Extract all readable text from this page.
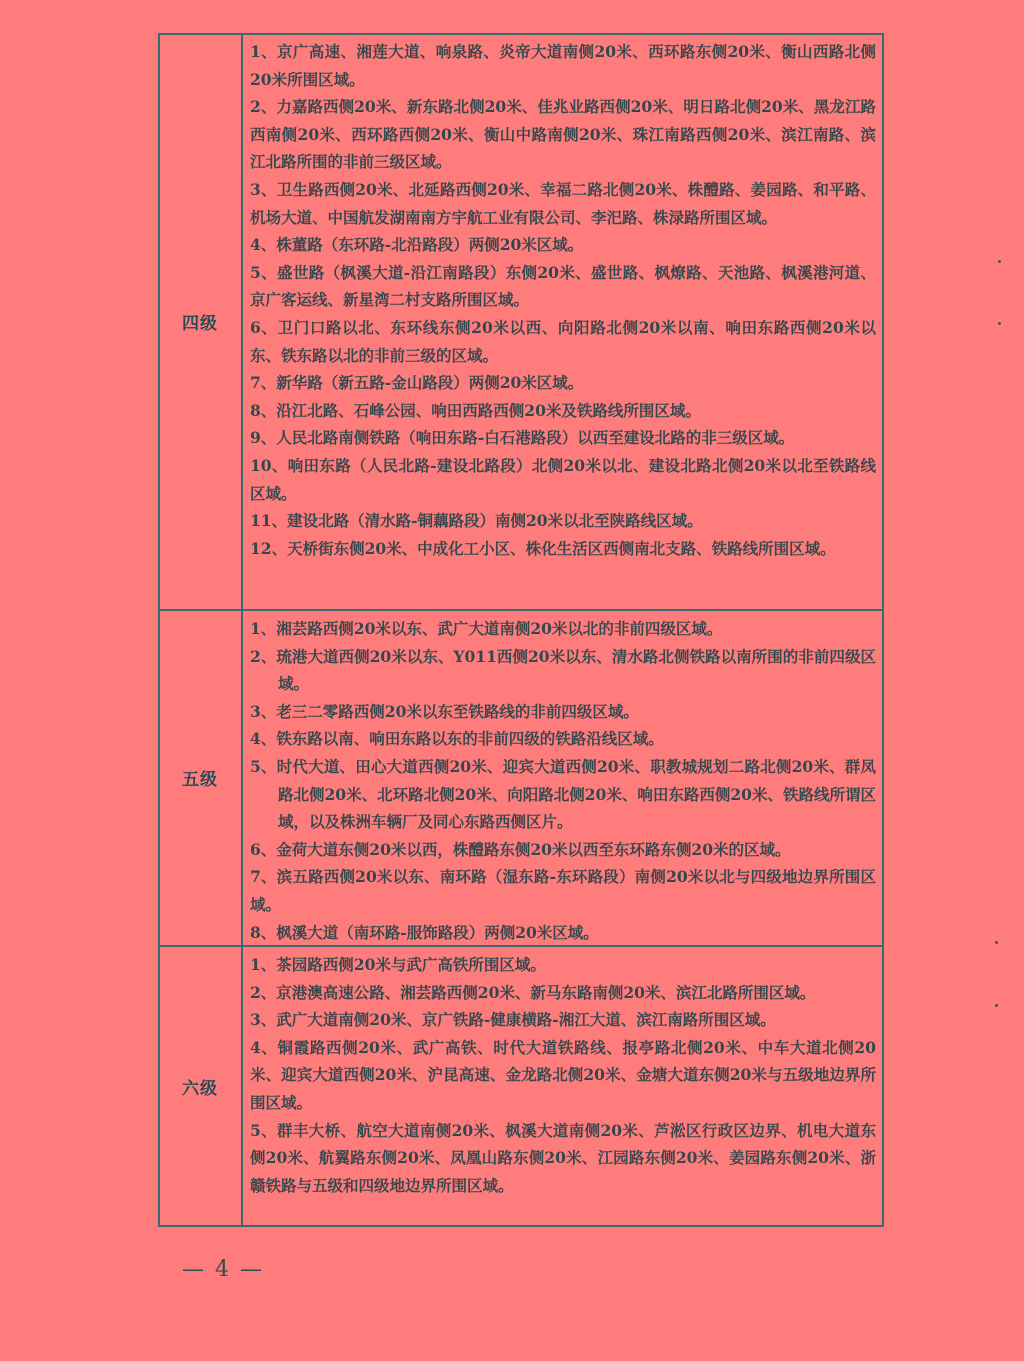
四级

1、京广高速、湘莲大道、响泉路、炎帝大道南侧20米、西环路东侧20米、衡山西路北侧20米所围区域。

2、力嘉路西侧20米、新东路北侧20米、佳兆业路西侧20米、明日路北侧20米、黑龙江路西南侧20米、西环路西侧20米、衡山中路南侧20米、珠江南路西侧20米、滨江南路、滨江北路所围的非前三级区域。

3、卫生路西侧20米、北延路西侧20米、幸福二路北侧20米、株醴路、姜园路、和平路、机场大道、中国航发湖南南方宇航工业有限公司、李汜路、株渌路所围区域。

4、株董路（东环路-北沿路段）两侧20米区域。

5、盛世路（枫溪大道-沿江南路段）东侧20米、盛世路、枫燎路、天池路、枫溪港河道、京广客运线、新星湾二村支路所围区域。

6、卫门口路以北、东环线东侧20米以西、向阳路北侧20米以南、响田东路西侧20米以东、铁东路以北的非前三级的区域。

7、新华路（新五路-金山路段）两侧20米区域。

8、沿江北路、石峰公园、响田西路西侧20米及铁路线所围区域。

9、人民北路南侧铁路（响田东路-白石港路段）以西至建设北路的非三级区域。

10、响田东路（人民北路-建设北路段）北侧20米以北、建设北路北侧20米以北至铁路线区域。

11、建设北路（清水路-铜藕路段）南侧20米以北至陕路线区域。

12、天桥街东侧20米、中成化工小区、株化生活区西侧南北支路、铁路线所围区域。

五级

1、湘芸路西侧20米以东、武广大道南侧20米以北的非前四级区域。

2、琉港大道西侧20米以东、Y011西侧20米以东、清水路北侧铁路以南所围的非前四级区域。

3、老三二零路西侧20米以东至铁路线的非前四级区域。

4、铁东路以南、响田东路以东的非前四级的铁路沿线区域。

5、时代大道、田心大道西侧20米、迎宾大道西侧20米、职教城规划二路北侧20米、群凤路北侧20米、北环路北侧20米、向阳路北侧20米、响田东路西侧20米、铁路线所谓区域，以及株洲车辆厂及同心东路西侧区片。

6、金荷大道东侧20米以西，株醴路东侧20米以西至东环路东侧20米的区域。

7、滨五路西侧20米以东、南环路（湿东路-东环路段）南侧20米以北与四级地边界所围区域。

8、枫溪大道（南环路-服饰路段）两侧20米区域。

六级

1、茶园路西侧20米与武广高铁所围区域。

2、京港澳高速公路、湘芸路西侧20米、新马东路南侧20米、滨江北路所围区域。

3、武广大道南侧20米、京广铁路-健康横路-湘江大道、滨江南路所围区域。

4、铜霞路西侧20米、武广高铁、时代大道铁路线、报亭路北侧20米、中车大道北侧20米、迎宾大道西侧20米、沪昆高速、金龙路北侧20米、金塘大道东侧20米与五级地边界所围区域。

5、群丰大桥、航空大道南侧20米、枫溪大道南侧20米、芦淞区行政区边界、机电大道东侧20米、航翼路东侧20米、凤凰山路东侧20米、江园路东侧20米、姜园路东侧20米、浙赣铁路与五级和四级地边界所围区域。

— 4 —
